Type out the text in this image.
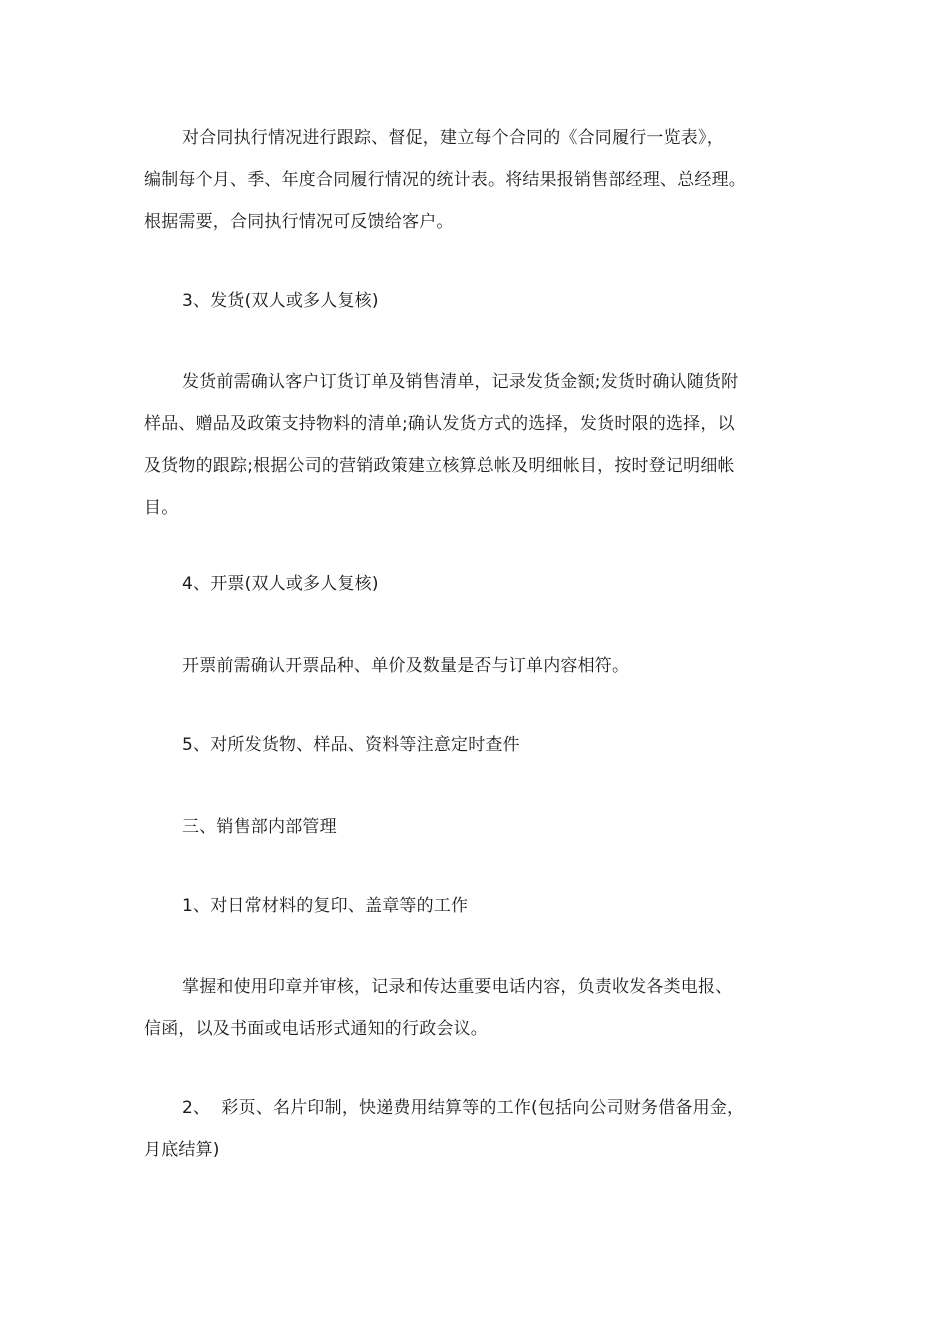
对合同执行情况进行跟踪、督促，建立每个合同的《合同履行一览表》，
编制每个月、季、年度合同履行情况的统计表。将结果报销售部经理、总经理。
根据需要，合同执行情况可反馈给客户。

3、发货(双人或多人复核)

发货前需确认客户订货订单及销售清单，记录发货金额;发货时确认随货附
样品、赠品及政策支持物料的清单;确认发货方式的选择，发货时限的选择，以
及货物的跟踪;根据公司的营销政策建立核算总帐及明细帐目，按时登记明细帐
目。

4、开票(双人或多人复核)

开票前需确认开票品种、单价及数量是否与订单内容相符。

5、对所发货物、样品、资料等注意定时查件

三、销售部内部管理

1、对日常材料的复印、盖章等的工作

掌握和使用印章并审核，记录和传达重要电话内容，负责收发各类电报、
信函，以及书面或电话形式通知的行政会议。

2、  彩页、名片印制，快递费用结算等的工作(包括向公司财务借备用金，
月底结算)
